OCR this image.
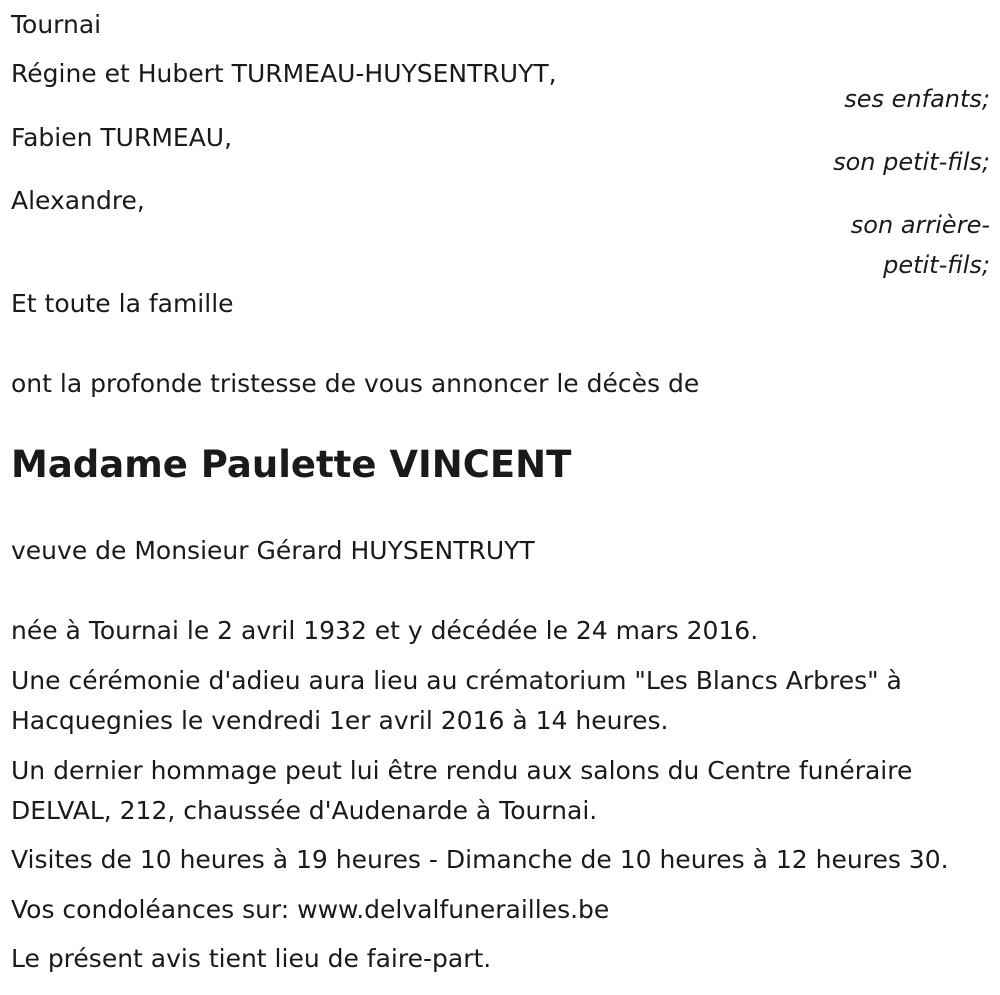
Tournai
Régine et Hubert TURMEAU-HUYSENTRUYT,
ses enfants;
Fabien TURMEAU,
son petit-fils;
Alexandre,
son arrière-
petit-fils;
Et toute la famille
ont la profonde tristesse de vous annoncer le décès de
Madame Paulette VINCENT
veuve de Monsieur Gérard HUYSENTRUYT
née à Tournai le 2 avril 1932 et y décédée le 24 mars 2016.
Une cérémonie d'adieu aura lieu au crématorium "Les Blancs Arbres" à Hacquegnies le vendredi 1er avril 2016 à 14 heures.
Un dernier hommage peut lui être rendu aux salons du Centre funéraire DELVAL, 212, chaussée d'Audenarde à Tournai.
Visites de 10 heures à 19 heures - Dimanche de 10 heures à 12 heures 30.
Vos condoléances sur: www.delvalfunerailles.be
Le présent avis tient lieu de faire-part.
